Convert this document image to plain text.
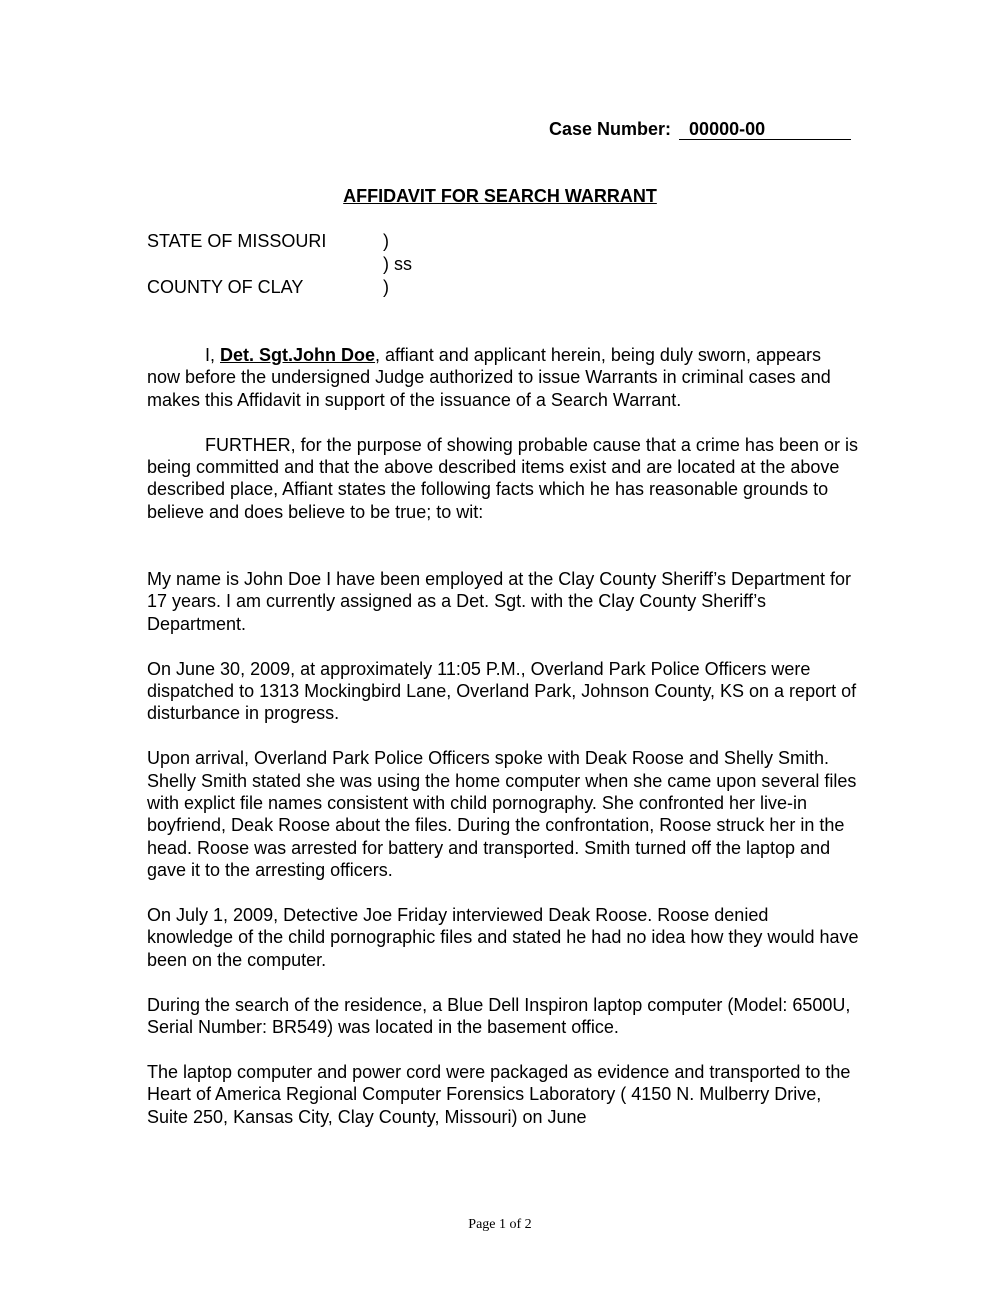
Case Number: 00000-00
AFFIDAVIT FOR SEARCH WARRANT
STATE OF MISSOURI	)
) ss
COUNTY OF CLAY	)

I, Det. Sgt.John Doe, affiant and applicant herein, being duly sworn, appears now before the undersigned Judge authorized to issue Warrants in criminal cases and makes this Affidavit in support of the issuance of a Search Warrant.

FURTHER, for the purpose of showing probable cause that a crime has been or is being committed and that the above described items exist and are located at the above described place, Affiant states the following facts which he has reasonable grounds to believe and does believe to be true; to wit:

My name is John Doe I have been employed at the Clay County Sheriff’s Department for 17 years. I am currently assigned as a Det. Sgt. with the Clay County Sheriff’s Department.

On June 30, 2009, at approximately 11:05 P.M., Overland Park Police Officers were dispatched to 1313 Mockingbird Lane, Overland Park, Johnson County, KS on a report of disturbance in progress.

Upon arrival, Overland Park Police Officers spoke with Deak Roose and Shelly Smith. Shelly Smith stated she was using the home computer when she came upon several files with explict file names consistent with child pornography. She confronted her live-in boyfriend, Deak Roose about the files. During the confrontation, Roose struck her in the head. Roose was arrested for battery and transported. Smith turned off the laptop and gave it to the arresting officers.

On July 1, 2009, Detective Joe Friday interviewed Deak Roose. Roose denied knowledge of the child pornographic files and stated he had no idea how they would have been on the computer.

During the search of the residence, a Blue Dell Inspiron laptop computer (Model: 6500U, Serial Number: BR549) was located in the basement office.

The laptop computer and power cord were packaged as evidence and transported to the Heart of America Regional Computer Forensics Laboratory ( 4150 N. Mulberry Drive, Suite 250, Kansas City, Clay County, Missouri) on June

Page 1 of 2
